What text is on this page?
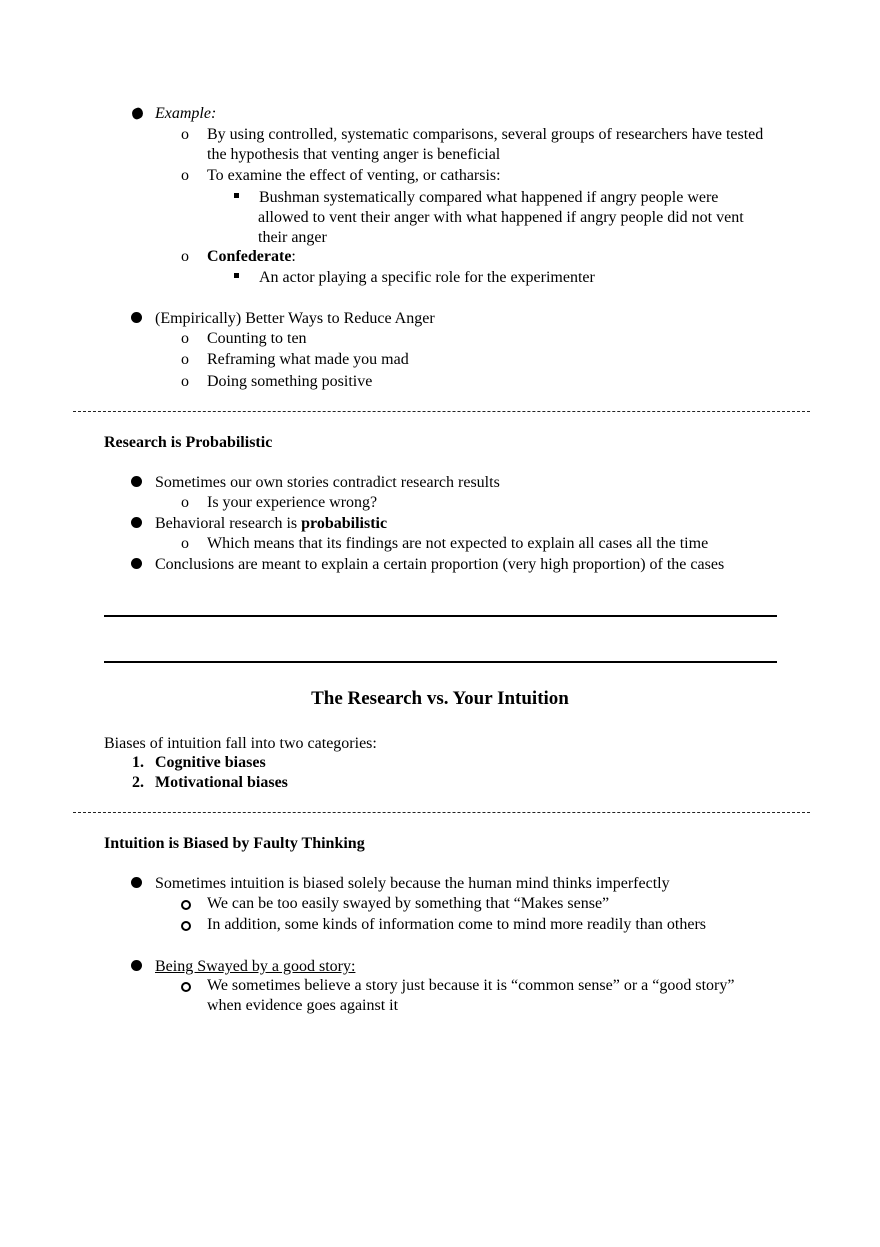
Example:
o By using controlled, systematic comparisons, several groups of researchers have tested the hypothesis that venting anger is beneficial
o To examine the effect of venting, or catharsis:
Bushman systematically compared what happened if angry people were allowed to vent their anger with what happened if angry people did not vent their anger
o Confederate:
An actor playing a specific role for the experimenter
(Empirically) Better Ways to Reduce Anger
o Counting to ten
o Reframing what made you mad
o Doing something positive
Research is Probabilistic
Sometimes our own stories contradict research results
o Is your experience wrong?
Behavioral research is probabilistic
o Which means that its findings are not expected to explain all cases all the time
Conclusions are meant to explain a certain proportion (very high proportion) of the cases
The Research vs. Your Intuition
Biases of intuition fall into two categories:
1. Cognitive biases
2. Motivational biases
Intuition is Biased by Faulty Thinking
Sometimes intuition is biased solely because the human mind thinks imperfectly
We can be too easily swayed by something that “Makes sense”
In addition, some kinds of information come to mind more readily than others
Being Swayed by a good story:
We sometimes believe a story just because it is “common sense” or a “good story” when evidence goes against it
